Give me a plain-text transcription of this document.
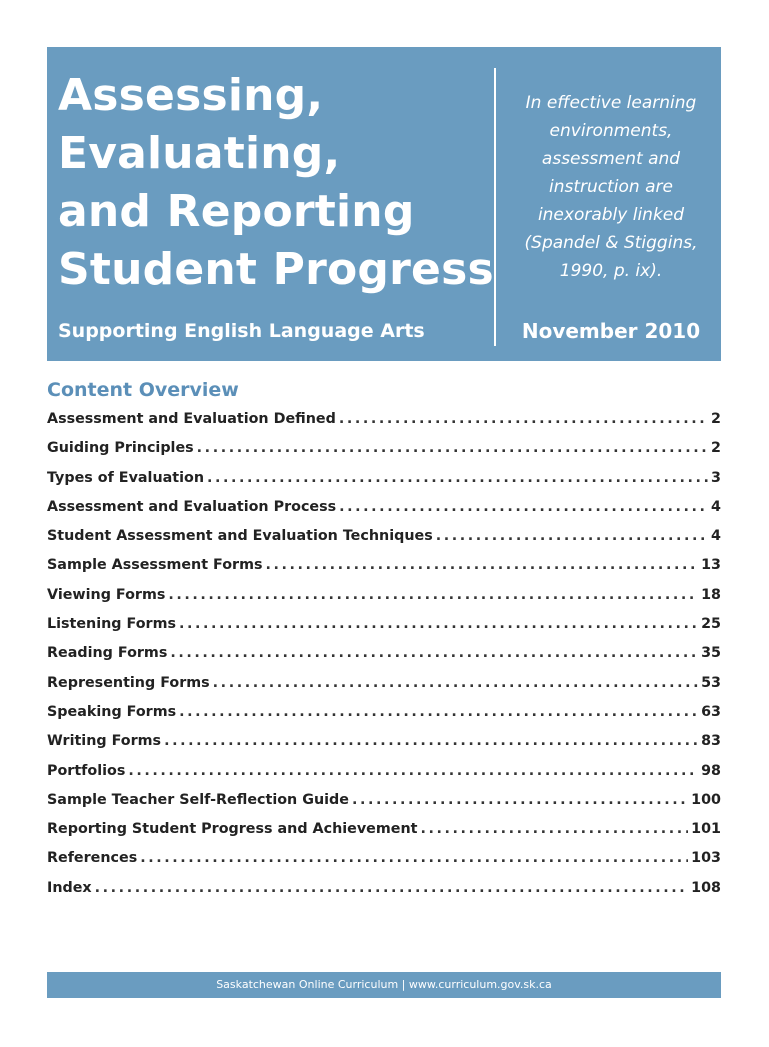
Assessing,
Evaluating,
and Reporting
Student Progress
Supporting English Language Arts

In effective learning environments, assessment and instruction are inexorably linked (Spandel & Stiggins, 1990, p. ix).

November 2010
Content Overview
Assessment and Evaluation Defined . . .	2
Guiding Principles . . .	2
Types of Evaluation . . .	3
Assessment and Evaluation Process . . .	4
Student Assessment and Evaluation Techniques . . .	4
Sample Assessment Forms . . .	13
Viewing Forms . . .	18
Listening Forms . . .	25
Reading Forms . . .	35
Representing Forms . . .	53
Speaking Forms . . .	63
Writing Forms . . .	83
Portfolios . . .	98
Sample Teacher Self-Reflection Guide . . .	100
Reporting Student Progress and Achievement . . .	101
References . . .	103
Index . . .	108
Saskatchewan Online Curriculum | www.curriculum.gov.sk.ca
